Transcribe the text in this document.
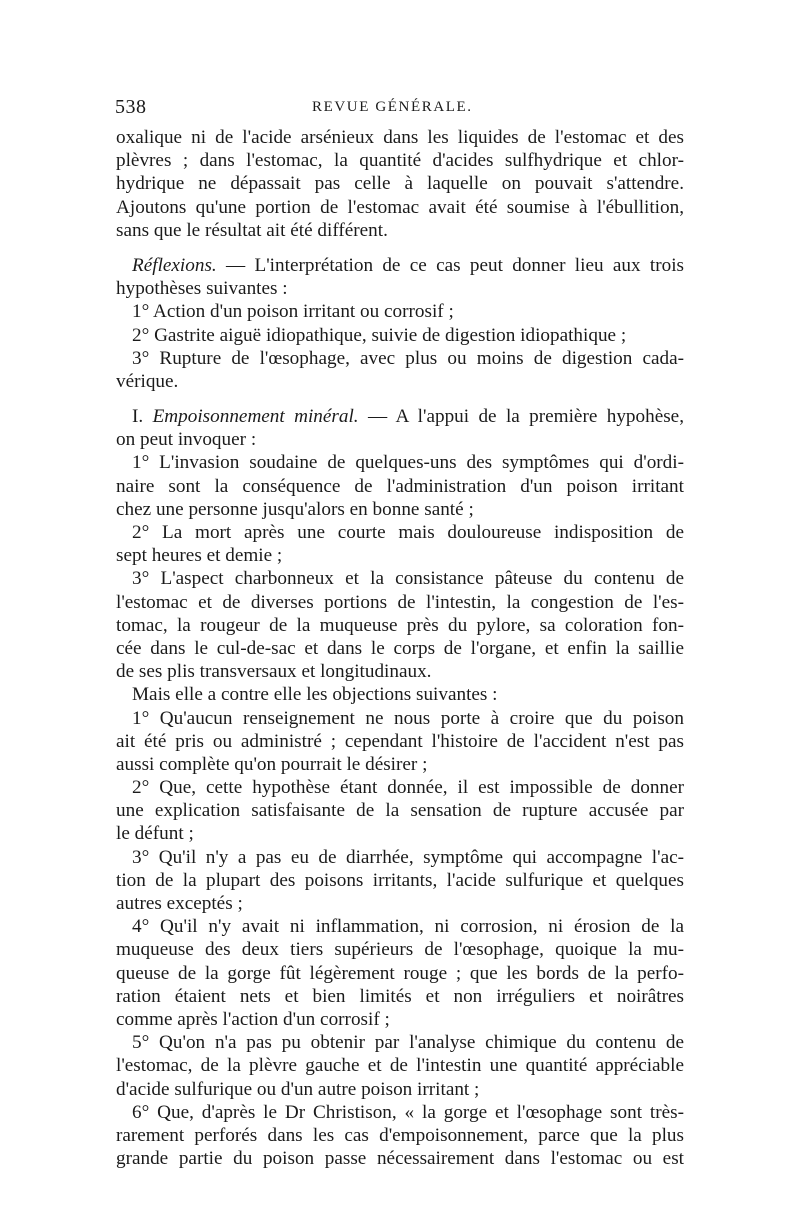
538	REVUE GÉNÉRALE.
oxalique ni de l'acide arsénieux dans les liquides de l'estomac et des
plèvres ; dans l'estomac, la quantité d'acides sulfhydrique et chlor-
hydrique ne dépassait pas celle à laquelle on pouvait s'attendre.
Ajoutons qu'une portion de l'estomac avait été soumise à l'ébullition,
sans que le résultat ait été différent.
Réflexions. — L'interprétation de ce cas peut donner lieu aux trois
hypothèses suivantes :
1° Action d'un poison irritant ou corrosif ;
2° Gastrite aiguë idiopathique, suivie de digestion idiopathique ;
3° Rupture de l'œsophage, avec plus ou moins de digestion cada-
vérique.
I. Empoisonnement minéral. — A l'appui de la première hypohèse,
on peut invoquer :
1° L'invasion soudaine de quelques-uns des symptômes qui d'ordi-
naire sont la conséquence de l'administration d'un poison irritant
chez une personne jusqu'alors en bonne santé ;
2° La mort après une courte mais douloureuse indisposition de
sept heures et demie ;
3° L'aspect charbonneux et la consistance pâteuse du contenu de
l'estomac et de diverses portions de l'intestin, la congestion de l'es-
tomac, la rougeur de la muqueuse près du pylore, sa coloration fon-
cée dans le cul-de-sac et dans le corps de l'organe, et enfin la saillie
de ses plis transversaux et longitudinaux.
Mais elle a contre elle les objections suivantes :
1° Qu'aucun renseignement ne nous porte à croire que du poison
ait été pris ou administré ; cependant l'histoire de l'accident n'est pas
aussi complète qu'on pourrait le désirer ;
2° Que, cette hypothèse étant donnée, il est impossible de donner
une explication satisfaisante de la sensation de rupture accusée par
le défunt ;
3° Qu'il n'y a pas eu de diarrhée, symptôme qui accompagne l'ac-
tion de la plupart des poisons irritants, l'acide sulfurique et quelques
autres exceptés ;
4° Qu'il n'y avait ni inflammation, ni corrosion, ni érosion de la
muqueuse des deux tiers supérieurs de l'œsophage, quoique la mu-
queuse de la gorge fût légèrement rouge ; que les bords de la perfo-
ration étaient nets et bien limités et non irréguliers et noirâtres
comme après l'action d'un corrosif ;
5° Qu'on n'a pas pu obtenir par l'analyse chimique du contenu de
l'estomac, de la plèvre gauche et de l'intestin une quantité appréciable
d'acide sulfurique ou d'un autre poison irritant ;
6° Que, d'après le Dr Christison, « la gorge et l'œsophage sont très-
rarement perforés dans les cas d'empoisonnement, parce que la plus
grande partie du poison passe nécessairement dans l'estomac ou est
